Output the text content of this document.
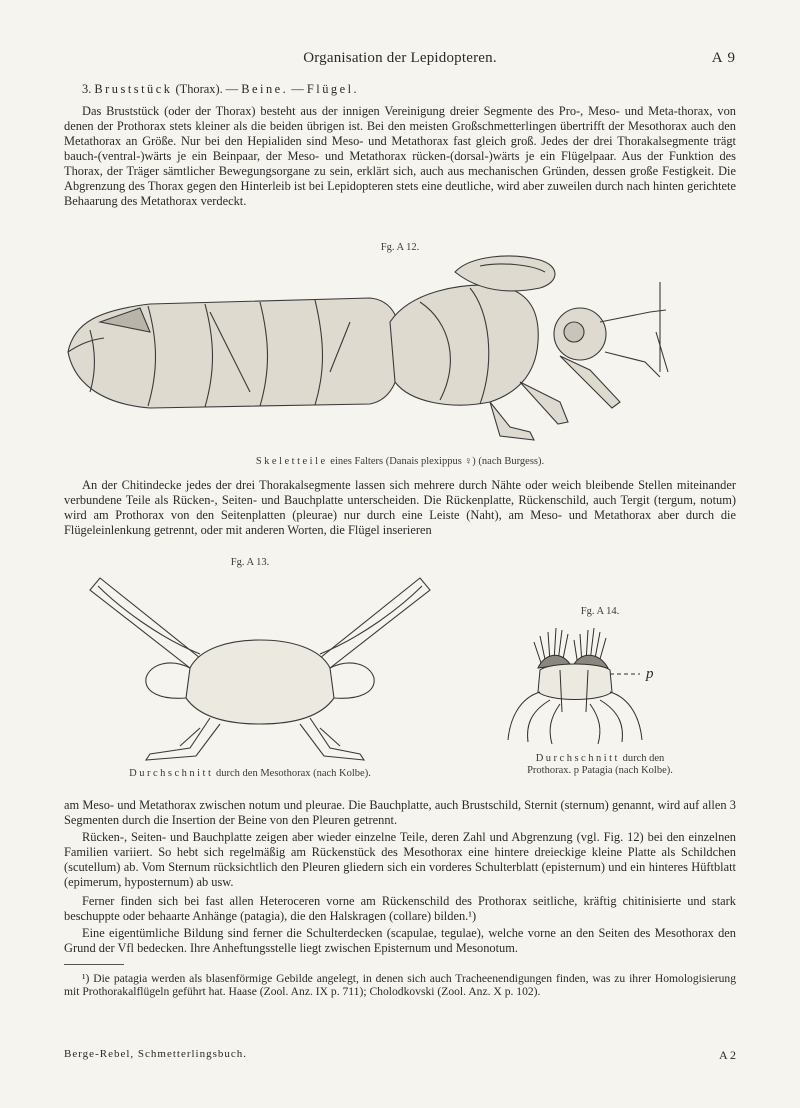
Organisation der Lepidopteren.	A 9
3. Bruststück (Thorax). — Beine. — Flügel.
Das Bruststück (oder der Thorax) besteht aus der innigen Vereinigung dreier Segmente des Pro-, Meso- und Meta-thorax, von denen der Prothorax stets kleiner als die beiden übrigen ist. Bei den meisten Großschmetterlingen übertrifft der Mesothorax auch den Metathorax an Größe. Nur bei den Hepialiden sind Meso- und Metathorax fast gleich groß. Jedes der drei Thorakalsegmente trägt bauch-(ventral-)wärts je ein Beinpaar, der Meso- und Metathorax rücken-(dorsal-)wärts je ein Flügelpaar. Aus der Funktion des Thorax, der Träger sämtlicher Bewegungsorgane zu sein, erklärt sich, auch aus mechanischen Gründen, dessen große Festigkeit. Die Abgrenzung des Thorax gegen den Hinterleib ist bei Lepidopteren stets eine deutliche, wird aber zuweilen durch nach hinten gerichtete Behaarung des Metathorax verdeckt.
Fg. A 12.
Skeletteile eines Falters (Danais plexippus ♀) (nach Burgess).
An der Chitindecke jedes der drei Thorakalsegmente lassen sich mehrere durch Nähte oder weich bleibende Stellen miteinander verbundene Teile als Rücken-, Seiten- und Bauchplatte unterscheiden. Die Rückenplatte, Rückenschild, auch Tergit (tergum, notum) wird am Prothorax von den Seitenplatten (pleurae) nur durch eine Leiste (Naht), am Meso- und Metathorax aber durch die Flügeleinlenkung getrennt, oder mit anderen Worten, die Flügel inserieren
Fg. A 13.
Durchschnitt durch den Mesothorax (nach Kolbe).
Fg. A 14.
p
Durchschnitt durch den
Prothorax. p Patagia (nach Kolbe).
am Meso- und Metathorax zwischen notum und pleurae. Die Bauchplatte, auch Brustschild, Sternit (sternum) genannt, wird auf allen 3 Segmenten durch die Insertion der Beine von den Pleuren getrennt.
Rücken-, Seiten- und Bauchplatte zeigen aber wieder einzelne Teile, deren Zahl und Abgrenzung (vgl. Fig. 12) bei den einzelnen Familien variiert. So hebt sich regelmäßig am Rückenstück des Mesothorax eine hintere dreieckige kleine Platte als Schildchen (scutellum) ab. Vom Sternum rücksichtlich den Pleuren gliedern sich ein vorderes Schulterblatt (episternum) und ein hinteres Hüftblatt (epimerum, hyposternum) ab usw.
Ferner finden sich bei fast allen Heteroceren vorne am Rückenschild des Prothorax seitliche, kräftig chitinisierte und stark beschuppte oder behaarte Anhänge (patagia), die den Halskragen (collare) bilden.¹)
Eine eigentümliche Bildung sind ferner die Schulterdecken (scapulae, tegulae), welche vorne an den Seiten des Mesothorax den Grund der Vfl bedecken. Ihre Anheftungsstelle liegt zwischen Episternum und Mesonotum.
¹) Die patagia werden als blasenförmige Gebilde angelegt, in denen sich auch Tracheenendigungen finden, was zu ihrer Homologisierung mit Prothorakalflügeln geführt hat. Haase (Zool. Anz. IX p. 711); Cholodkovski (Zool. Anz. X p. 102).
Berge-Rebel, Schmetterlingsbuch.	A 2
